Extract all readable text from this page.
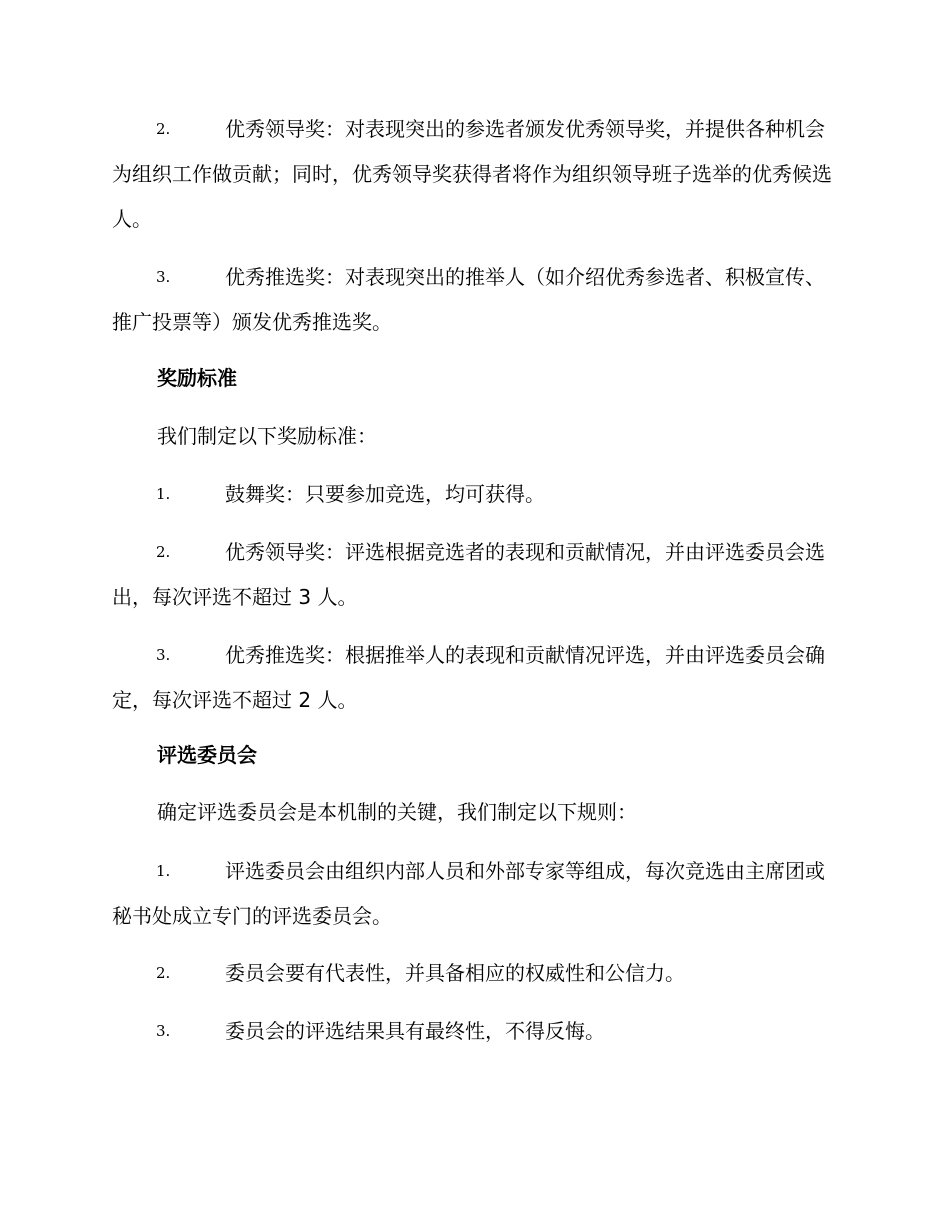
2.	优秀领导奖：对表现突出的参选者颁发优秀领导奖，并提供各种机会为组织工作做贡献；同时，优秀领导奖获得者将作为组织领导班子选举的优秀候选人。

3.	优秀推选奖：对表现突出的推举人（如介绍优秀参选者、积极宣传、推广投票等）颁发优秀推选奖。

奖励标准

我们制定以下奖励标准：

1.	鼓舞奖：只要参加竞选，均可获得。

2.	优秀领导奖：评选根据竞选者的表现和贡献情况，并由评选委员会选出，每次评选不超过 3 人。

3.	优秀推选奖：根据推举人的表现和贡献情况评选，并由评选委员会确定，每次评选不超过 2 人。

评选委员会

确定评选委员会是本机制的关键，我们制定以下规则：

1.	评选委员会由组织内部人员和外部专家等组成，每次竞选由主席团或秘书处成立专门的评选委员会。

2.	委员会要有代表性，并具备相应的权威性和公信力。

3.	委员会的评选结果具有最终性，不得反悔。
